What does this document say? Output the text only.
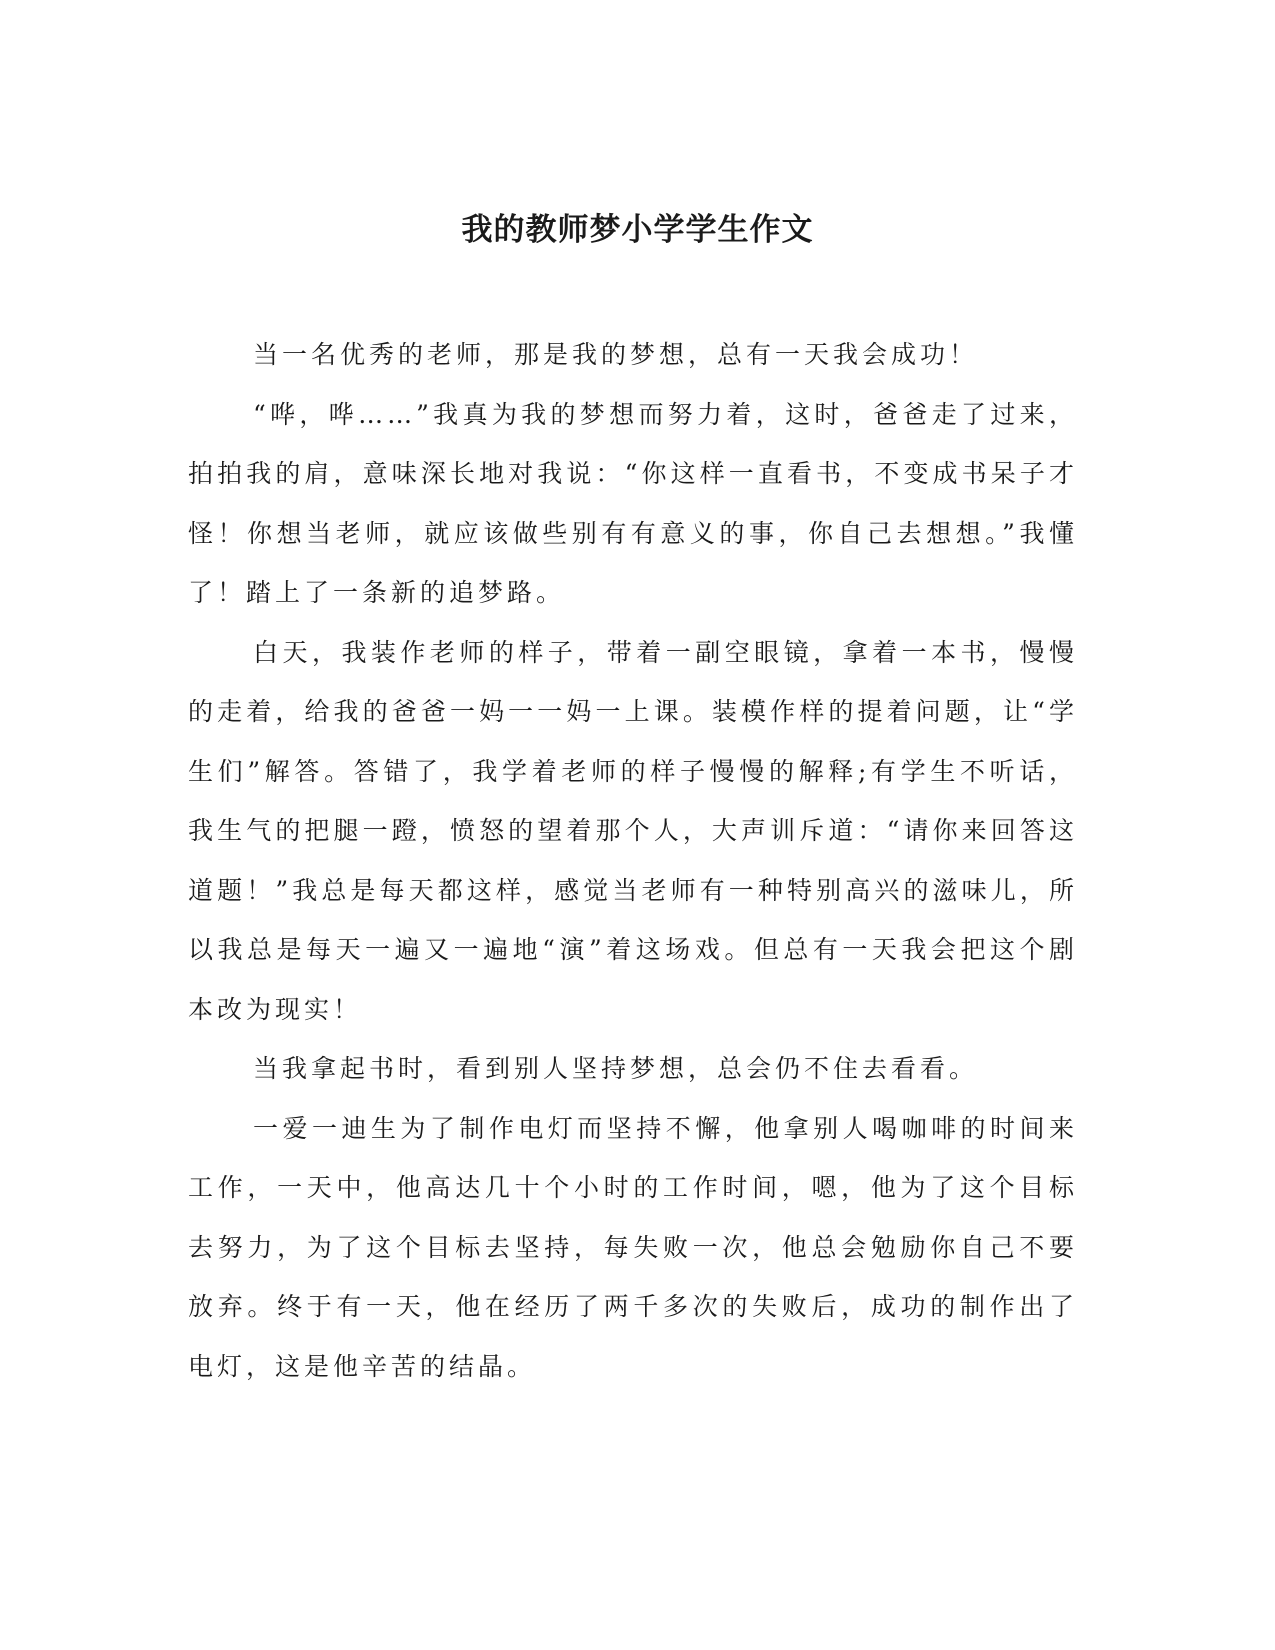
我的教师梦小学学生作文

当一名优秀的老师，那是我的梦想，总有一天我会成功！

“哗，哗……”我真为我的梦想而努力着，这时，爸爸走了过来，拍拍我的肩，意味深长地对我说：“你这样一直看书，不变成书呆子才怪！你想当老师，就应该做些别有有意义的事，你自己去想想。”我懂了！踏上了一条新的追梦路。

白天，我装作老师的样子，带着一副空眼镜，拿着一本书，慢慢的走着，给我的爸爸一妈一一妈一上课。装模作样的提着问题，让“学生们”解答。答错了，我学着老师的样子慢慢的解释;有学生不听话，我生气的把腿一蹬，愤怒的望着那个人，大声训斥道：“请你来回答这道题！”我总是每天都这样，感觉当老师有一种特别高兴的滋味儿，所以我总是每天一遍又一遍地“演”着这场戏。但总有一天我会把这个剧本改为现实！

当我拿起书时，看到别人坚持梦想，总会仍不住去看看。

一爱一迪生为了制作电灯而坚持不懈，他拿别人喝咖啡的时间来工作，一天中，他高达几十个小时的工作时间，嗯，他为了这个目标去努力，为了这个目标去坚持，每失败一次，他总会勉励你自己不要放弃。终于有一天，他在经历了两千多次的失败后，成功的制作出了电灯，这是他辛苦的结晶。
